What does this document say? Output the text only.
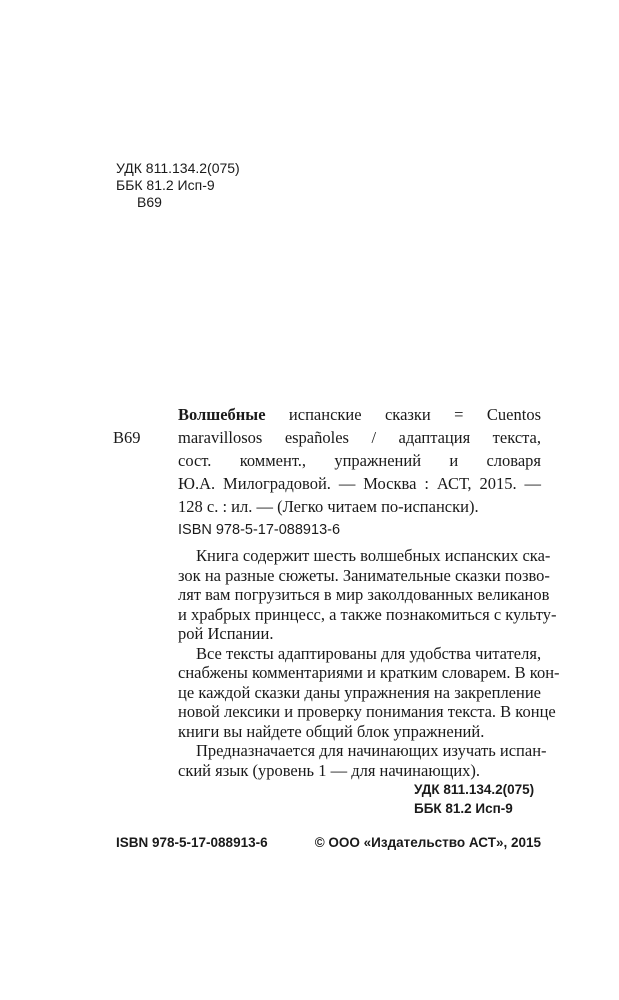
УДК 811.134.2(075)
ББК 81.2 Исп-9
В69
В69
Волшебные испанские сказки = Cuentos
maravillosos españoles / адаптация текста,
сост. коммент., упражнений и словаря
Ю.А. Милоградовой. — Москва : АСТ, 2015. —
128 с. : ил. — (Легко читаем по-испански).
ISBN 978-5-17-088913-6
Книга содержит шесть волшебных испанских ска-
зок на разные сюжеты. Занимательные сказки позво-
лят вам погрузиться в мир заколдованных великанов
и храбрых принцесс, а также познакомиться с культу-
рой Испании.
Все тексты адаптированы для удобства читателя,
снабжены комментариями и кратким словарем. В кон-
це каждой сказки даны упражнения на закрепление
новой лексики и проверку понимания текста. В конце
книги вы найдете общий блок упражнений.
Предназначается для начинающих изучать испан-
ский язык (уровень 1 — для начинающих).
УДК 811.134.2(075)
ББК 81.2 Исп-9
ISBN 978-5-17-088913-6	© ООО «Издательство АСТ», 2015
